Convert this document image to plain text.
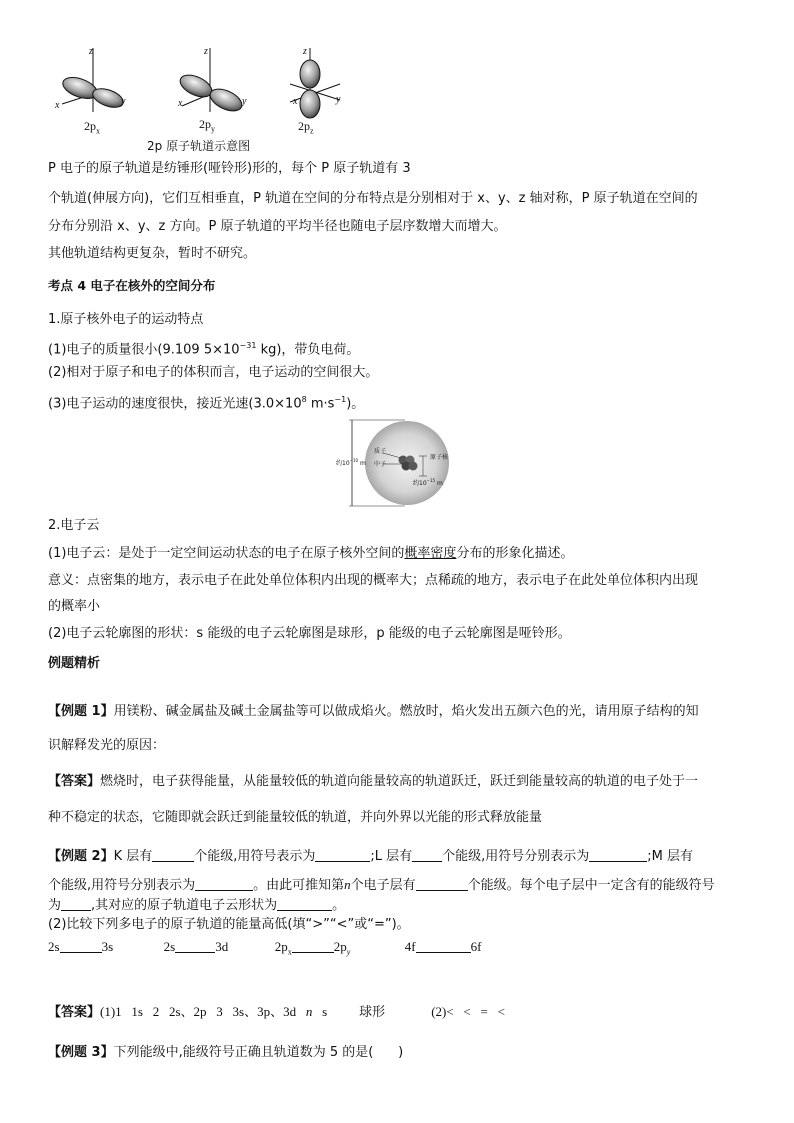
z
x	y
z
x	y
z
x	y
$2p_x$	$2p_y$	$2p_z$
2p 原子轨道示意图
P 电子的原子轨道是纺锤形(哑铃形)形的，每个 P 原子轨道有 3
个轨道(伸展方向)，它们互相垂直，P 轨道在空间的分布特点是分别相对于 x、y、z 轴对称，P 原子轨道在空间的
分布分别沿 x、y、z 方向。P 原子轨道的平均半径也随电子层序数增大而增大。
其他轨道结构更复杂，暂时不研究。
考点 4 电子在核外的空间分布
1.原子核外电子的运动特点
(1)电子的质量很小(9.109 $5\times 10^{-31}$ kg)，带负电荷。
(2)相对于原子和电子的体积而言，电子运动的空间很大。
(3)电子运动的速度很快，接近光速($3.0\times 10^8$ $m\cdot s^{-1}$)。
质子
中子
原子核
约$10^{-10}$ m
约$10^{-15}$ m
2.电子云
(1)电子云：是处于一定空间运动状态的电子在原子核外空间的概率密度分布的形象化描述。
意义：点密集的地方，表示电子在此处单位体积内出现的概率大；点稀疏的地方，表示电子在此处单位体积内出现
的概率小
(2)电子云轮廓图的形状：s 能级的电子云轮廓图是球形，p 能级的电子云轮廓图是哑铃形。
例题精析
【例题 1】用镁粉、碱金属盐及碱土金属盐等可以做成焰火。燃放时，焰火发出五颜六色的光，请用原子结构的知
识解释发光的原因：
【答案】燃烧时，电子获得能量，从能量较低的轨道向能量较高的轨道跃迁，跃迁到能量较高的轨道的电子处于一
种不稳定的状态，它随即就会跃迁到能量较低的轨道，并向外界以光能的形式释放能量
【例题 2】K 层有	个能级,用符号表示为	;L 层有 个能级,用符号分别表示为	;M 层有
个能级,用符号分别表示为	。由此可推知第n个电子层有	个能级。每个电子层中一定含有的能级符号
为 ,其对应的原子轨道电子云形状为	。
(2)比较下列多电子的原子轨道的能量高低(填“>”“<”或“=”)。
2s	3s	2s	3d	$2p_x$	$2p_y$	4f	6f
【答案】(1)1   1s   2   2s、2p   3   3s、3p、3d   n   s 球形	(2)<   <   =   <
【例题 3】下列能级中,能级符号正确且轨道数为 5 的是(      )
